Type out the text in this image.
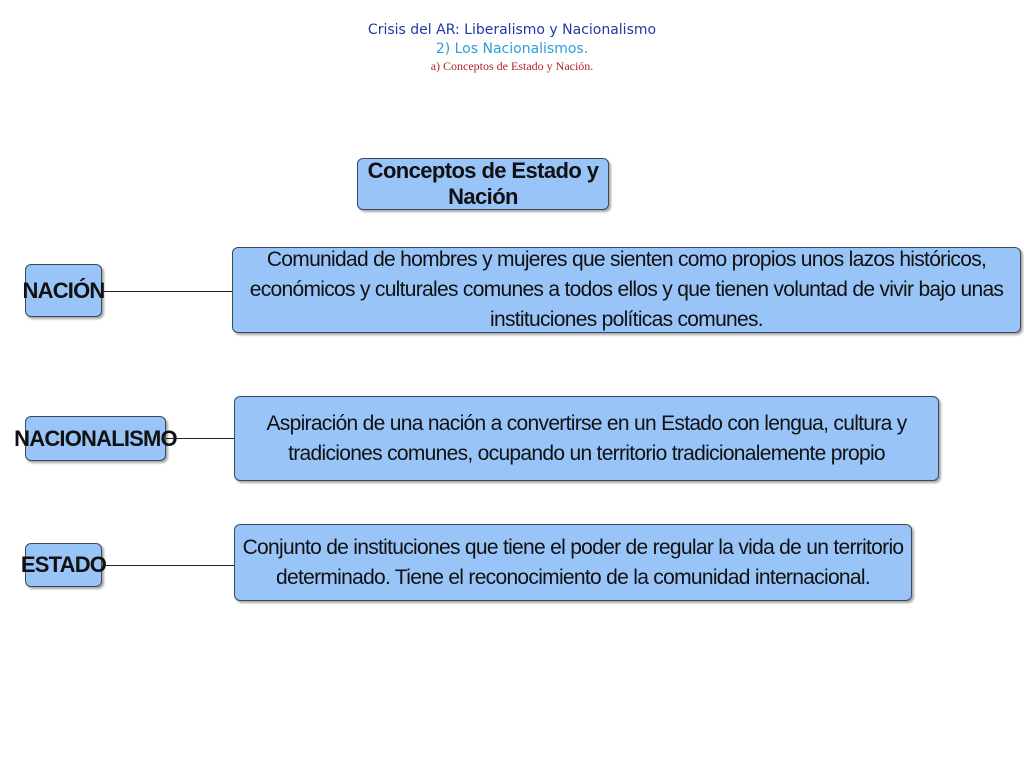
Crisis del AR: Liberalismo y Nacionalismo
2) Los Nacionalismos.
a) Conceptos de Estado y Nación.
Conceptos de Estado y Nación
NACIÓN
Comunidad de hombres y mujeres que sienten como propios unos lazos históricos, económicos y culturales comunes a todos ellos y que tienen voluntad de vivir bajo unas instituciones políticas comunes.
NACIONALISMO
Aspiración de una nación a convertirse en un Estado con lengua, cultura y tradiciones comunes, ocupando un territorio tradicionalemente propio
ESTADO
Conjunto de instituciones que tiene el poder de regular la vida de un territorio determinado. Tiene el reconocimiento de la comunidad internacional.
